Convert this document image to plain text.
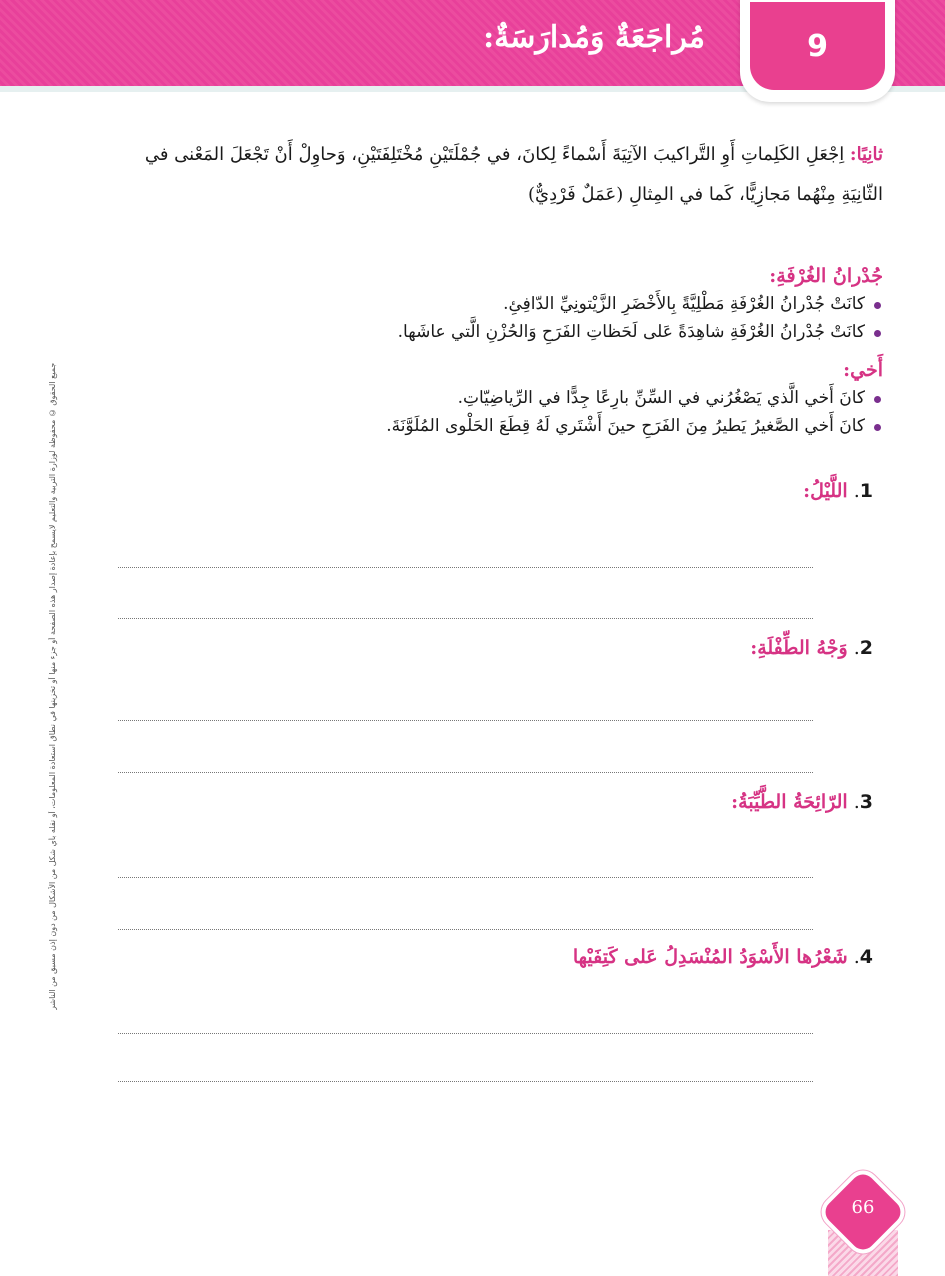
مُراجَعَةٌ وَمُدارَسَةٌ:	9
جميع الحقوق © محفوظة لوزارة التربية والتعليم لايسمح بإعادة إصدار هذه الصفحة أو جزء منها أو تخزينها في نطاق استعادة المعلومات، أو نقله بأي شكل من الأشكال من دون إذن مسبق من الناشر
ثانِيًا: اِجْعَلِ الكَلِماتِ أَوِ التَّراكيبَ الآتِيَةَ أَسْماءً لِكانَ، في جُمْلَتَيْنِ مُخْتَلِفَتَيْنِ، وَحاوِلْ أَنْ تَجْعَلَ المَعْنى في الثّانِيَةِ مِنْهُما مَجازِيًّا، كَما في المِثالِ (عَمَلٌ فَرْدِيٌّ)
جُدْرانُ الغُرْفَةِ:
كانَتْ جُدْرانُ الغُرْفَةِ مَطْلِيَّةً بِالأَخْضَرِ الزَّيْتونِيِّ الدّافِئِ.
كانَتْ جُدْرانُ الغُرْفَةِ شاهِدَةً عَلى لَحَظاتِ الفَرَحِ وَالحُزْنِ الَّتي عاشَها.
أَخي:
كانَ أَخي الَّذي يَصْغُرُني في السِّنِّ بارِعًا جِدًّا في الرِّياضِيّاتِ.
كانَ أَخي الصَّغيرُ يَطيرُ مِنَ الفَرَحِ حينَ أَشْتَري لَهُ قِطَعَ الحَلْوى المُلَوَّنَةَ.
1. اللَّيْلُ:
2. وَجْهُ الطِّفْلَةِ:
3. الرّائِحَةُ الطَّيِّبَةُ:
4. شَعْرُها الأَسْوَدُ المُنْسَدِلُ عَلى كَتِفَيْها
66
